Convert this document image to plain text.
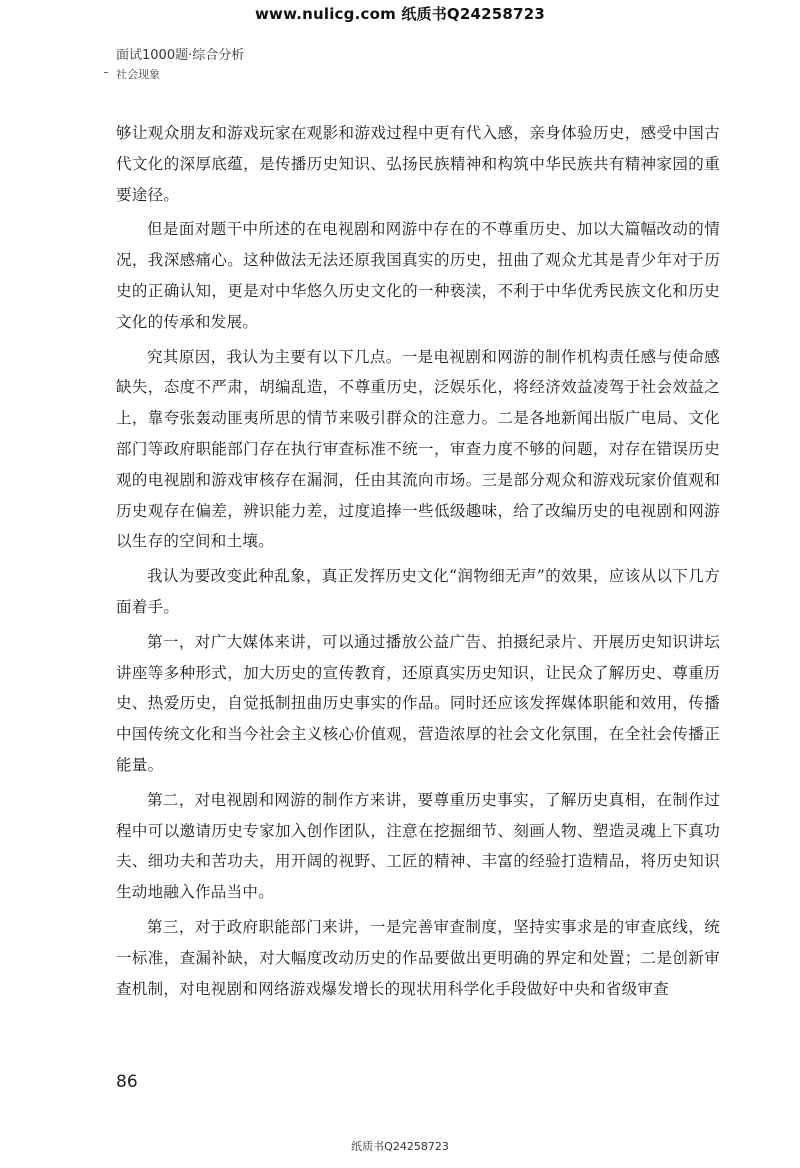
www.nulicg.com 纸质书Q24258723
面试1000题·综合分析
社会现象

够让观众朋友和游戏玩家在观影和游戏过程中更有代入感，亲身体验历史，感受中国古代文化的深厚底蕴，是传播历史知识、弘扬民族精神和构筑中华民族共有精神家园的重要途径。

但是面对题干中所述的在电视剧和网游中存在的不尊重历史、加以大篇幅改动的情况，我深感痛心。这种做法无法还原我国真实的历史，扭曲了观众尤其是青少年对于历史的正确认知，更是对中华悠久历史文化的一种亵渎，不利于中华优秀民族文化和历史文化的传承和发展。

究其原因，我认为主要有以下几点。一是电视剧和网游的制作机构责任感与使命感缺失，态度不严肃，胡编乱造，不尊重历史，泛娱乐化，将经济效益凌驾于社会效益之上，靠夸张轰动匪夷所思的情节来吸引群众的注意力。二是各地新闻出版广电局、文化部门等政府职能部门存在执行审查标准不统一，审查力度不够的问题，对存在错误历史观的电视剧和游戏审核存在漏洞，任由其流向市场。三是部分观众和游戏玩家价值观和历史观存在偏差，辨识能力差，过度追捧一些低级趣味，给了改编历史的电视剧和网游以生存的空间和土壤。

我认为要改变此种乱象，真正发挥历史文化“润物细无声”的效果，应该从以下几方面着手。

第一，对广大媒体来讲，可以通过播放公益广告、拍摄纪录片、开展历史知识讲坛讲座等多种形式，加大历史的宣传教育，还原真实历史知识，让民众了解历史、尊重历史、热爱历史，自觉抵制扭曲历史事实的作品。同时还应该发挥媒体职能和效用，传播中国传统文化和当今社会主义核心价值观，营造浓厚的社会文化氛围，在全社会传播正能量。

第二，对电视剧和网游的制作方来讲，要尊重历史事实，了解历史真相，在制作过程中可以邀请历史专家加入创作团队，注意在挖掘细节、刻画人物、塑造灵魂上下真功夫、细功夫和苦功夫，用开阔的视野、工匠的精神、丰富的经验打造精品，将历史知识生动地融入作品当中。

第三，对于政府职能部门来讲，一是完善审查制度，坚持实事求是的审查底线，统一标准，查漏补缺，对大幅度改动历史的作品要做出更明确的界定和处置；二是创新审查机制，对电视剧和网络游戏爆发增长的现状用科学化手段做好中央和省级审查

86
纸质书Q24258723
